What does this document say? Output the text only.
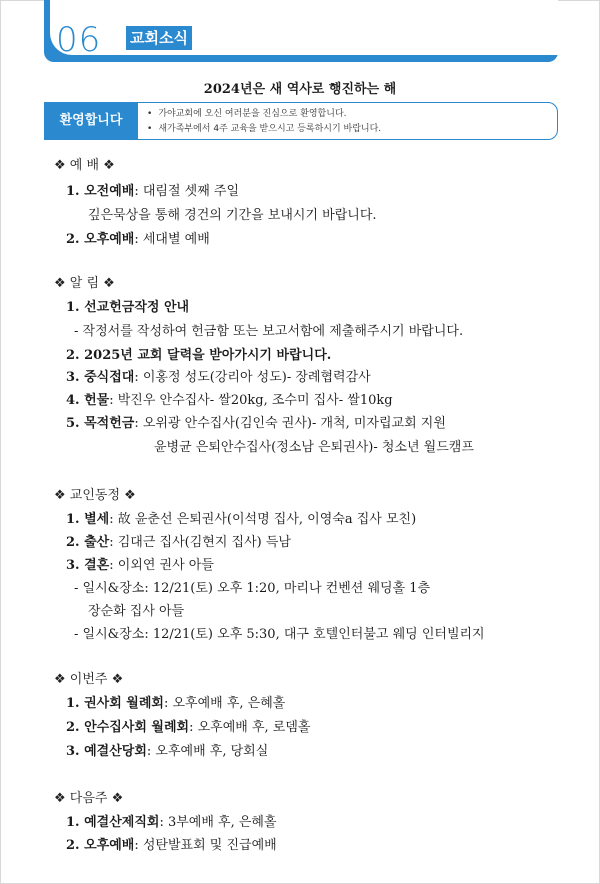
06 교회소식
2024년은 새 역사로 행진하는 해
환영합니다
•	가야교회에 오신 여러분을 진심으로 환영합니다.
• 새가족부에서 4주 교육을 받으시고 등록하시기 바랍니다.
❖ 예 배 ❖
1. 오전예배: 대림절 셋째 주일
깊은묵상을 통해 경건의 기간을 보내시기 바랍니다.
2. 오후예배: 세대별 예배
❖ 알 림 ❖
1. 선교헌금작정 안내
- 작정서를 작성하여 헌금함 또는 보고서함에 제출해주시기 바랍니다.
2. 2025년 교회 달력을 받아가시기 바랍니다.
3. 중식접대: 이홍정 성도(강리아 성도)- 장례협력감사
4. 헌물: 박진우 안수집사- 쌀20kg, 조수미 집사- 쌀10kg
5. 목적헌금: 오위광 안수집사(김인숙 권사)- 개척, 미자립교회 지원
윤병균 은퇴안수집사(정소남 은퇴권사)- 청소년 월드캠프
❖ 교인동정 ❖
1. 별세: 故 윤춘선 은퇴권사(이석명 집사, 이영숙a 집사 모친)
2. 출산: 김대근 집사(김현지 집사) 득남
3. 결혼: 이외연 권사 아들
- 일시&장소: 12/21(토) 오후 1:20, 마리나 컨벤션 웨딩홀 1층
장순화 집사 아들
- 일시&장소: 12/21(토) 오후 5:30, 대구 호텔인터불고 웨딩 인터빌리지
❖ 이번주 ❖
1. 권사회 월례회: 오후예배 후, 은혜홀
2. 안수집사회 월례회: 오후예배 후, 로뎀홀
3. 예결산당회: 오후예배 후, 당회실
❖ 다음주 ❖
1. 예결산제직회: 3부예배 후, 은혜홀
2. 오후예배: 성탄발표회 및 진급예배
